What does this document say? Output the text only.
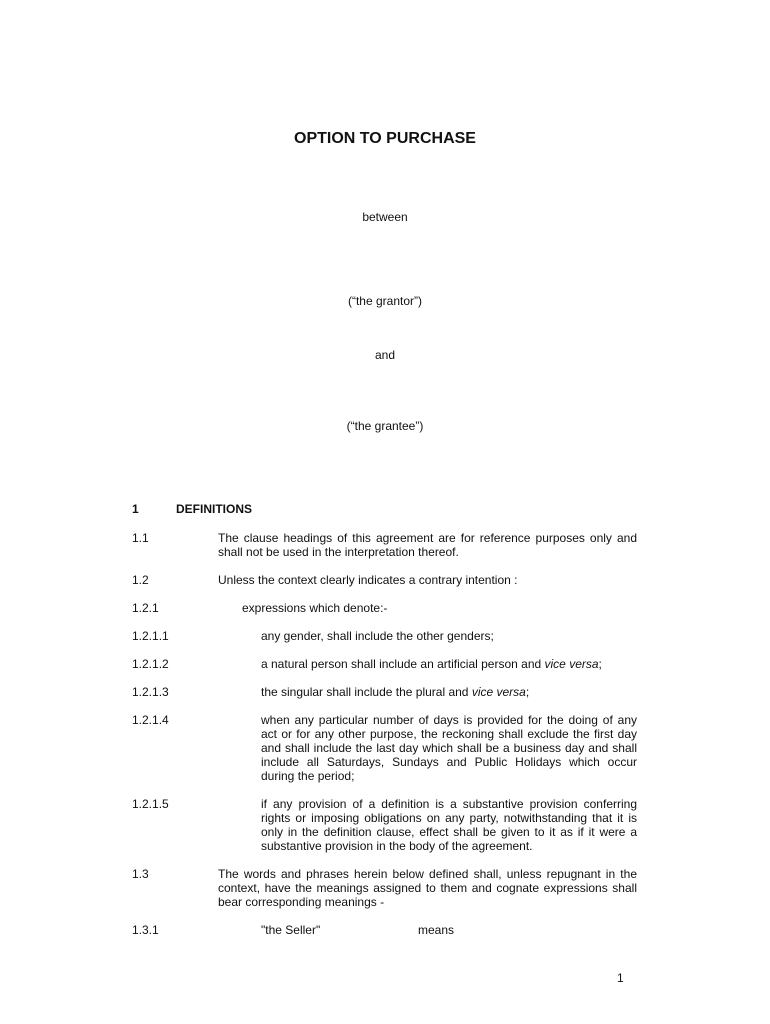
OPTION TO PURCHASE
between
(“the grantor”)
and
(“the grantee”)
1	DEFINITIONS
1.1	The clause headings of this agreement are for reference purposes only and shall not be used in the interpretation thereof.
1.2	Unless the context clearly indicates a contrary intention :
1.2.1	expressions which denote:-
1.2.1.1	any gender, shall include the other genders;
1.2.1.2	a natural person shall include an artificial person and vice versa;
1.2.1.3	the singular shall include the plural and vice versa;
1.2.1.4	when any particular number of days is provided for the doing of any act or for any other purpose, the reckoning shall exclude the first day and shall include the last day which shall be a business day and shall include all Saturdays, Sundays and Public Holidays which occur during the period;
1.2.1.5	if any provision of a definition is a substantive provision conferring rights or imposing obligations on any party, notwithstanding that it is only in the definition clause, effect shall be given to it as if it were a substantive provision in the body of the agreement.
1.3	The words and phrases herein below defined shall, unless repugnant in the context, have the meanings assigned to them and cognate expressions shall bear corresponding meanings -
1.3.1	"the Seller"	means
1
